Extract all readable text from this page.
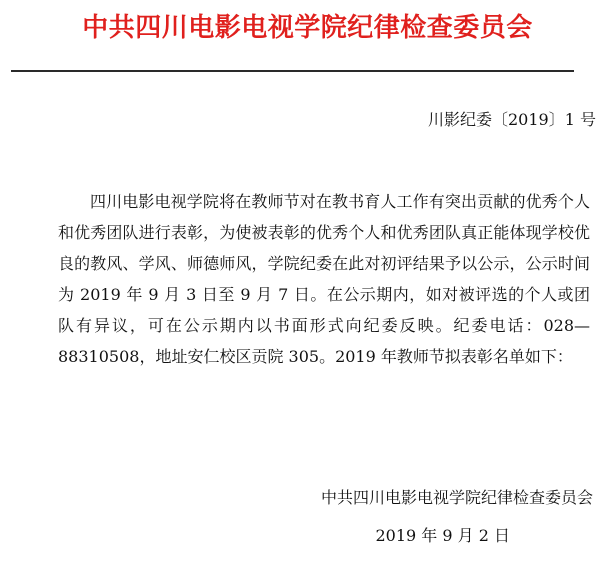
中共四川电影电视学院纪律检查委员会
川影纪委〔2019〕1 号

四川电影电视学院将在教师节对在教书育人工作有突出贡献的优秀个人和优秀团队进行表彰，为使被表彰的优秀个人和优秀团队真正能体现学校优良的教风、学风、师德师风，学院纪委在此对初评结果予以公示，公示时间为 2019 年 9 月 3 日至 9 月 7 日。在公示期内，如对被评选的个人或团队有异议，可在公示期内以书面形式向纪委反映。纪委电话：028—88310508，地址安仁校区贡院 305。2019 年教师节拟表彰名单如下：

中共四川电影电视学院纪律检查委员会
2019 年 9 月 2 日
